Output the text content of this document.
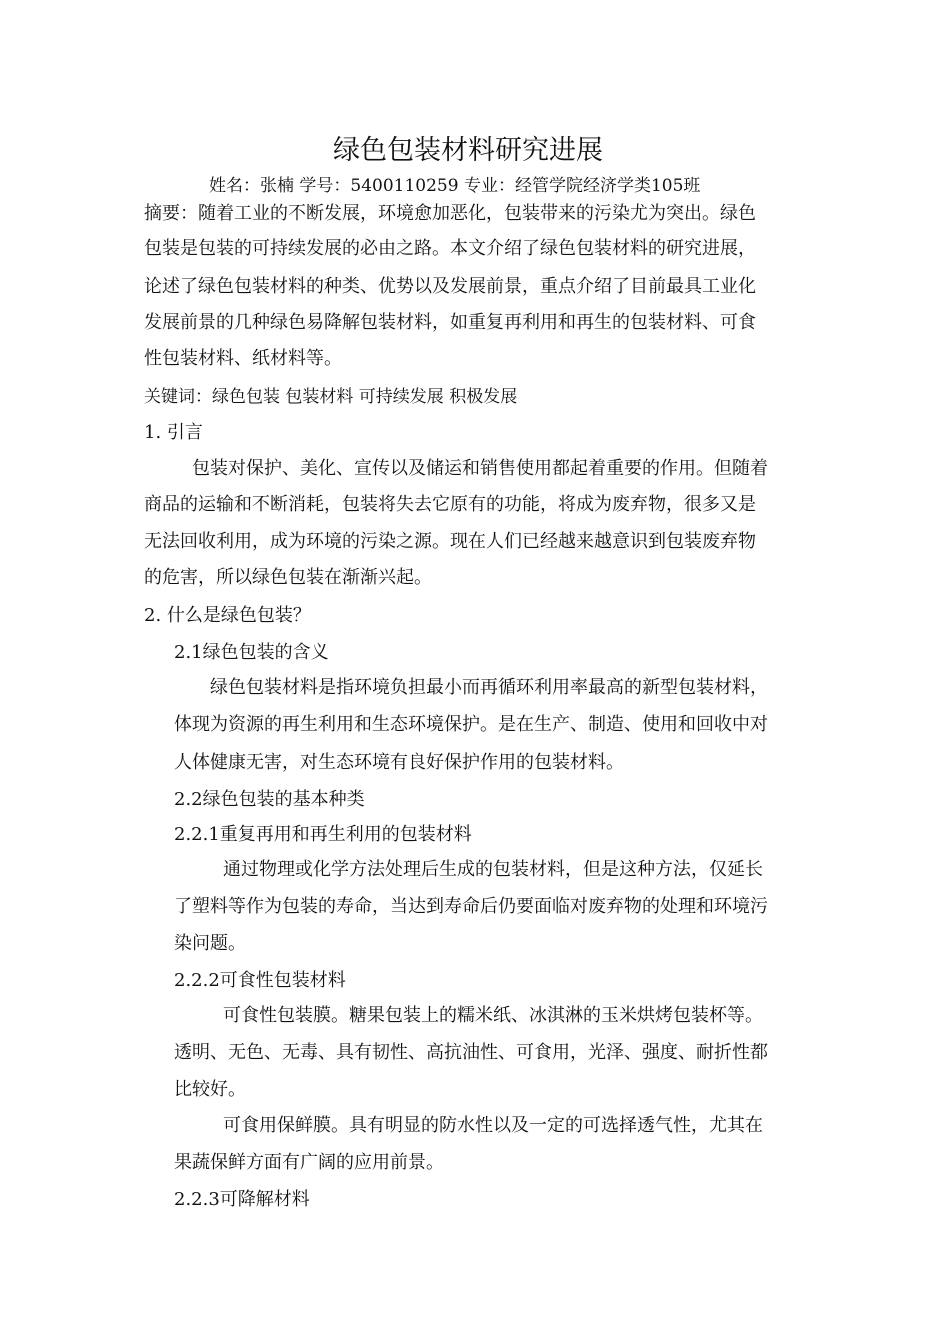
绿色包装材料研究进展
姓名：张楠 学号：5400110259 专业：经管学院经济学类105班
摘要：随着工业的不断发展，环境愈加恶化，包装带来的污染尤为突出。绿色
包装是包装的可持续发展的必由之路。本文介绍了绿色包装材料的研究进展，
论述了绿色包装材料的种类、优势以及发展前景，重点介绍了目前最具工业化
发展前景的几种绿色易降解包装材料，如重复再利用和再生的包装材料、可食
性包装材料、纸材料等。
关键词：绿色包装 包装材料 可持续发展 积极发展
1. 引言
包装对保护、美化、宣传以及储运和销售使用都起着重要的作用。但随着
商品的运输和不断消耗，包装将失去它原有的功能，将成为废弃物，很多又是
无法回收利用，成为环境的污染之源。现在人们已经越来越意识到包装废弃物
的危害，所以绿色包装在渐渐兴起。
2. 什么是绿色包装？
2.1绿色包装的含义
绿色包装材料是指环境负担最小而再循环利用率最高的新型包装材料，
体现为资源的再生利用和生态环境保护。是在生产、制造、使用和回收中对
人体健康无害，对生态环境有良好保护作用的包装材料。
2.2绿色包装的基本种类
2.2.1重复再用和再生利用的包装材料
通过物理或化学方法处理后生成的包装材料，但是这种方法，仅延长
了塑料等作为包装的寿命，当达到寿命后仍要面临对废弃物的处理和环境污
染问题。
2.2.2可食性包装材料
可食性包装膜。糖果包装上的糯米纸、冰淇淋的玉米烘烤包装杯等。
透明、无色、无毒、具有韧性、高抗油性、可食用，光泽、强度、耐折性都
比较好。
可食用保鲜膜。具有明显的防水性以及一定的可选择透气性，尤其在
果蔬保鲜方面有广阔的应用前景。
2.2.3可降解材料
